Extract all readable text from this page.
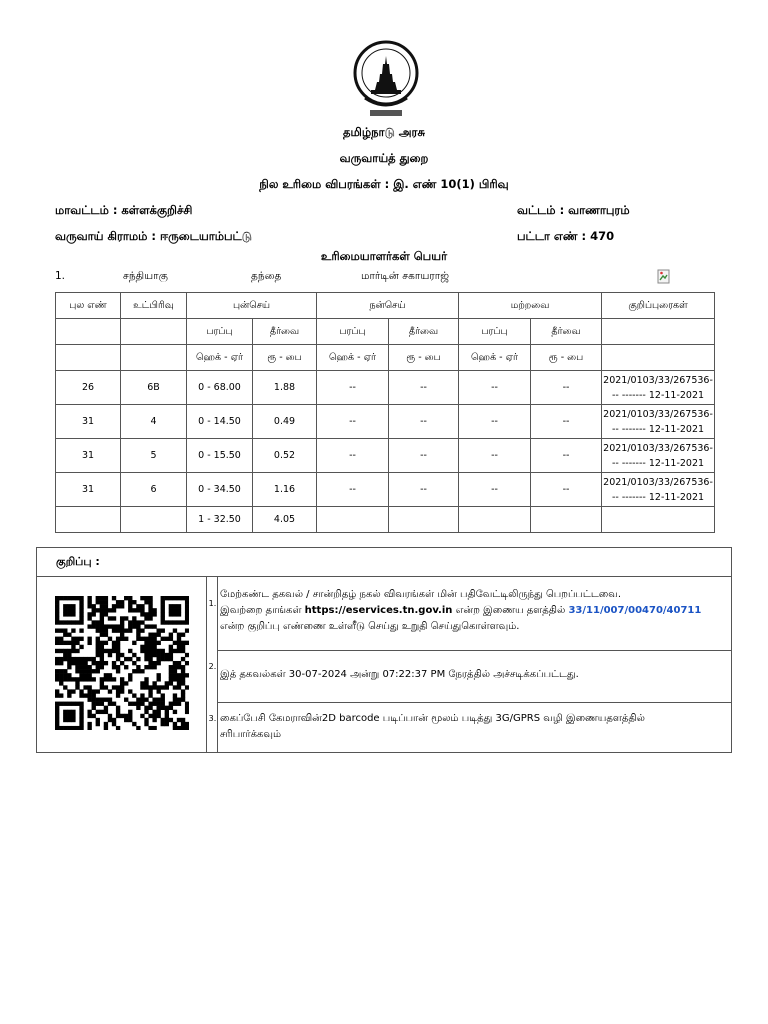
தமிழ்நாடு அரசு
வருவாய்த் துறை
நில உரிமை விபரங்கள் : இ. எண் 10(1) பிரிவு
மாவட்டம் : கள்ளக்குறிச்சி	வட்டம் : வாணாபுரம்
வருவாய் கிராமம் : ஈருடையாம்பட்டு	பட்டா எண் : 470
உரிமையாளர்கள் பெயர்
1.	சந்தியாகு	தந்தை	மார்டின் சகாயராஜ்
புல எண்	உட்பிரிவு	புன்செய்		நன்செய்		மற்றவை		குறிப்புரைகள்
		பரப்பு	தீர்வை	பரப்பு	தீர்வை	பரப்பு	தீர்வை	
		ஹெக் - ஏர்	ரூ - பை	ஹெக் - ஏர்	ரூ - பை	ஹெக் - ஏர்	ரூ - பை	
26	6B	0 - 68.00	1.88	--	--	--	--	2021/0103/33/267536-
-- ------- 12-11-2021

31	4	0 - 14.50	0.49	--	--	--	--	2021/0103/33/267536-
-- ------- 12-11-2021

31	5	0 - 15.50	0.52	--	--	--	--	2021/0103/33/267536-
-- ------- 12-11-2021

31	6	0 - 34.50	1.16	--	--	--	--	2021/0103/33/267536-
-- ------- 12-11-2021

		1 - 32.50	4.05					
குறிப்பு :
1.
மேற்கண்ட தகவல் / சான்றிதழ் நகல் விவரங்கள் மின் பதிவேட்டிலிருந்து பெறப்பட்டவை.
இவற்றை தாங்கள் https://eservices.tn.gov.in என்ற இணைய தளத்தில் 33/11/007/00470/40711
என்ற குறிப்பு எண்ணை உள்ளீடு செய்து உறுதி செய்துகொள்ளவும்.
2.
இத் தகவல்கள் 30-07-2024 அன்று 07:22:37 PM நேரத்தில் அச்சடிக்கப்பட்டது.
3. கைப்பேசி கேமராவின்2D barcode படிப்பான் மூலம் படித்து 3G/GPRS வழி இணையதளத்தில்
சரிபார்க்கவும்
